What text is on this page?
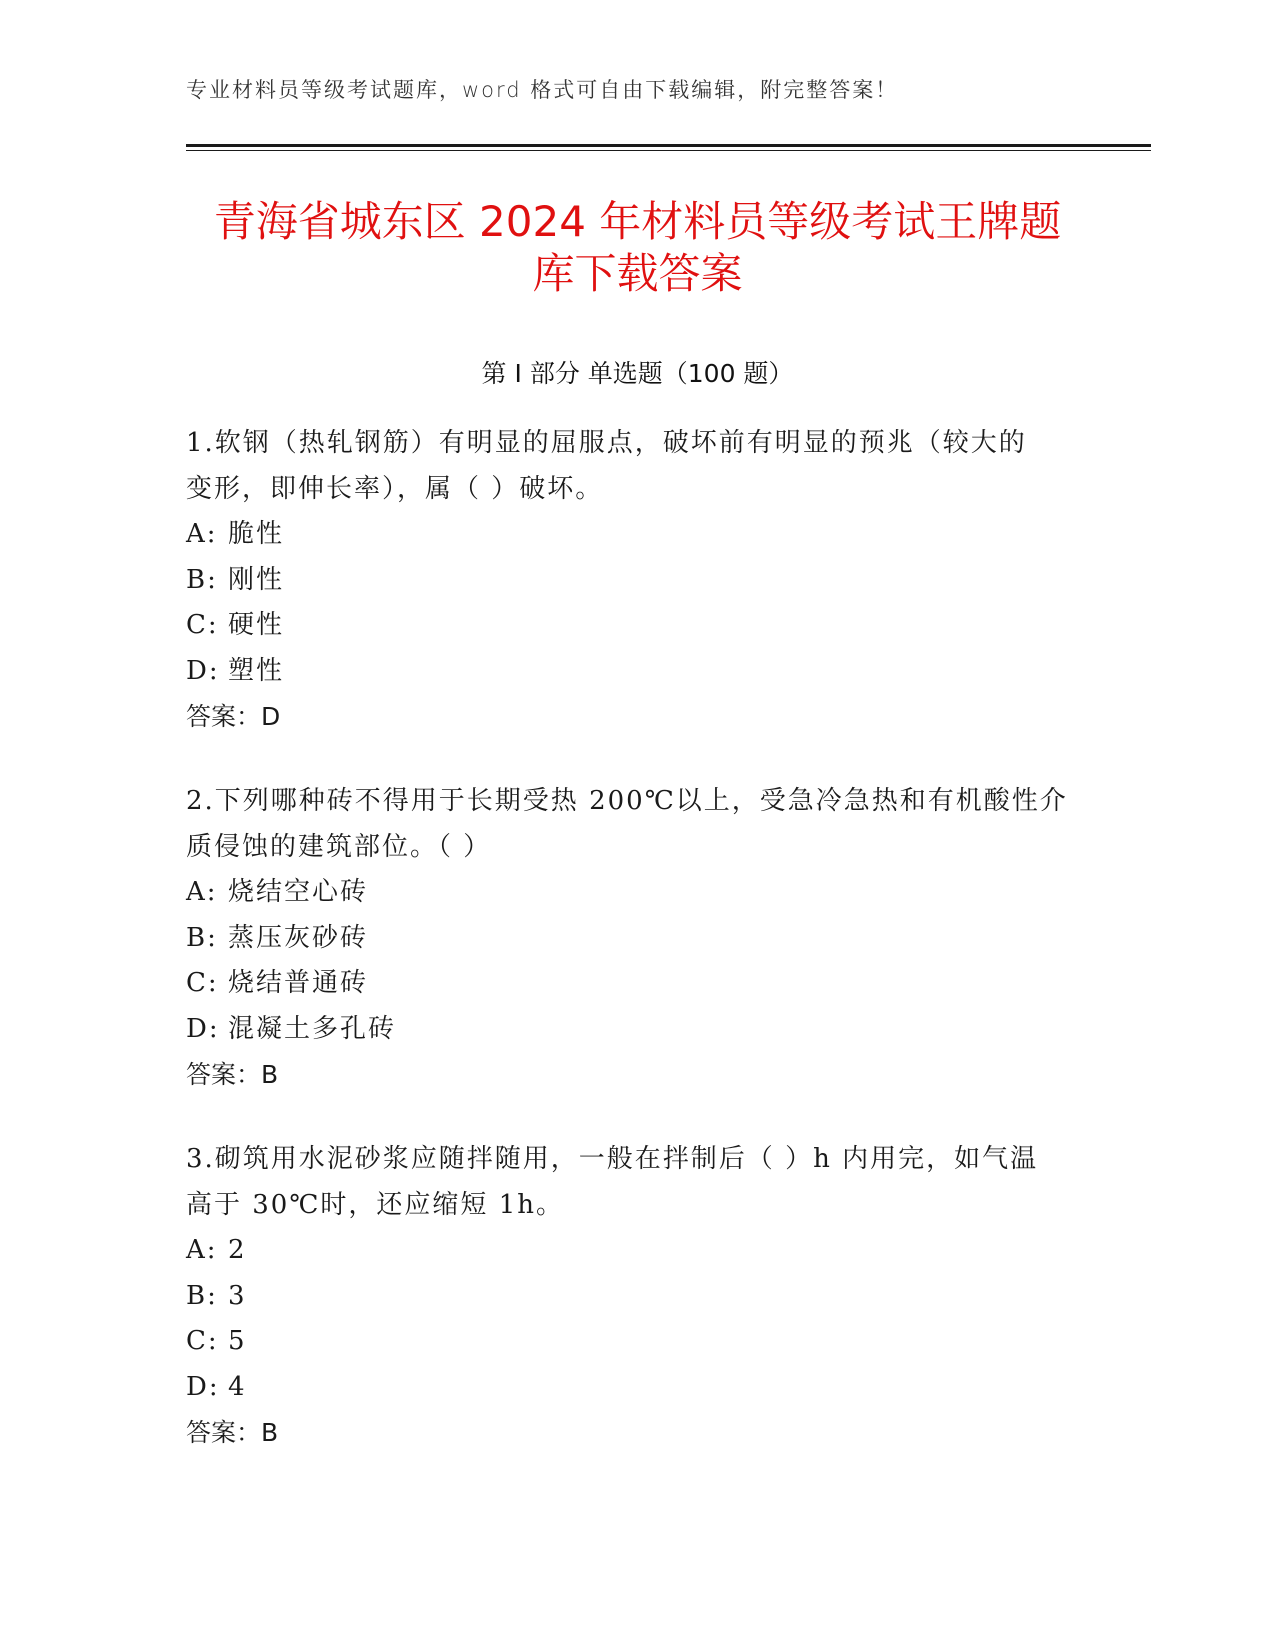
专业材料员等级考试题库，word 格式可自由下载编辑，附完整答案！
青海省城东区 2024 年材料员等级考试王牌题
库下载答案
第 I 部分 单选题（100 题）

1.软钢（热轧钢筋）有明显的屈服点，破坏前有明显的预兆（较大的

变形，即伸长率），属（ ）破坏。

A: 脆性

B: 刚性

C: 硬性

D: 塑性

答案：D

2.下列哪种砖不得用于长期受热 200℃以上，受急冷急热和有机酸性介

质侵蚀的建筑部位。（ ）

A: 烧结空心砖

B: 蒸压灰砂砖

C: 烧结普通砖

D: 混凝土多孔砖

答案：B

3.砌筑用水泥砂浆应随拌随用，一般在拌制后（ ）h 内用完，如气温

高于 30℃时，还应缩短 1h。

A: 2

B: 3

C: 5

D: 4

答案：B
